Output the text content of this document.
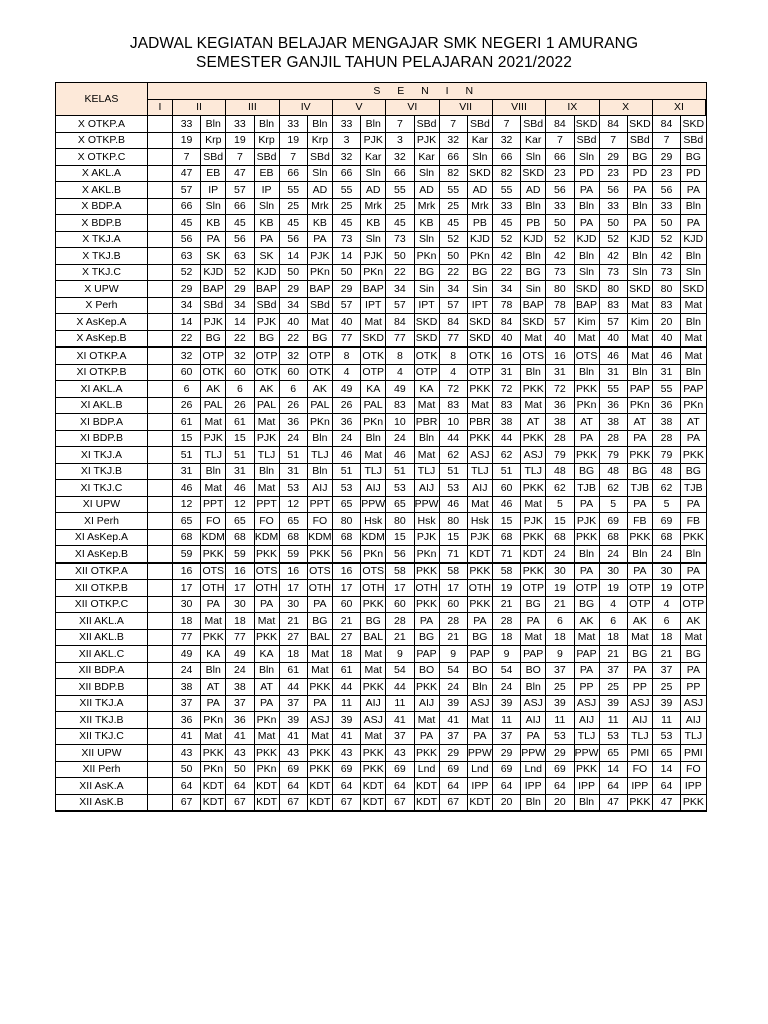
JADWAL KEGIATAN BELAJAR MENGAJAR SMK NEGERI 1 AMURANG
SEMESTER GANJIL TAHUN PELAJARAN 2021/2022
KELAS	S E N I N																				
	I	II		III		IV		V		VI		VII		VIII		IX		X		XI	
X OTKP.A		33	Bln	33	Bln	33	Bln	33	Bln	7	SBd	7	SBd	7	SBd	84	SKD	84	SKD	84	SKD
X OTKP.B		19	Krp	19	Krp	19	Krp	3	PJK	3	PJK	32	Kar	32	Kar	7	SBd	7	SBd	7	SBd
X OTKP.C		7	SBd	7	SBd	7	SBd	32	Kar	32	Kar	66	Sln	66	Sln	66	Sln	29	BG	29	BG
X AKL.A		47	EB	47	EB	66	Sln	66	Sln	66	Sln	82	SKD	82	SKD	23	PD	23	PD	23	PD
X AKL.B		57	IP	57	IP	55	AD	55	AD	55	AD	55	AD	55	AD	56	PA	56	PA	56	PA
X BDP.A		66	Sln	66	Sln	25	Mrk	25	Mrk	25	Mrk	25	Mrk	33	Bln	33	Bln	33	Bln	33	Bln
X BDP.B		45	KB	45	KB	45	KB	45	KB	45	KB	45	PB	45	PB	50	PA	50	PA	50	PA
X TKJ.A		56	PA	56	PA	56	PA	73	Sln	73	Sln	52	KJD	52	KJD	52	KJD	52	KJD	52	KJD
X TKJ.B		63	SK	63	SK	14	PJK	14	PJK	50	PKn	50	PKn	42	Bln	42	Bln	42	Bln	42	Bln
X TKJ.C		52	KJD	52	KJD	50	PKn	50	PKn	22	BG	22	BG	22	BG	73	Sln	73	Sln	73	Sln
X UPW		29	BAP	29	BAP	29	BAP	29	BAP	34	Sin	34	Sin	34	Sin	80	SKD	80	SKD	80	SKD
X Perh		34	SBd	34	SBd	34	SBd	57	IPT	57	IPT	57	IPT	78	BAP	78	BAP	83	Mat	83	Mat
X AsKep.A		14	PJK	14	PJK	40	Mat	40	Mat	84	SKD	84	SKD	84	SKD	57	Kim	57	Kim	20	Bln
X AsKep.B		22	BG	22	BG	22	BG	77	SKD	77	SKD	77	SKD	40	Mat	40	Mat	40	Mat	40	Mat
XI OTKP.A		32	OTP	32	OTP	32	OTP	8	OTK	8	OTK	8	OTK	16	OTS	16	OTS	46	Mat	46	Mat
XI OTKP.B		60	OTK	60	OTK	60	OTK	4	OTP	4	OTP	4	OTP	31	Bln	31	Bln	31	Bln	31	Bln
XI AKL.A		6	AK	6	AK	6	AK	49	KA	49	KA	72	PKK	72	PKK	72	PKK	55	PAP	55	PAP
XI AKL.B		26	PAL	26	PAL	26	PAL	26	PAL	83	Mat	83	Mat	83	Mat	36	PKn	36	PKn	36	PKn
XI BDP.A		61	Mat	61	Mat	36	PKn	36	PKn	10	PBR	10	PBR	38	AT	38	AT	38	AT	38	AT
XI BDP.B		15	PJK	15	PJK	24	Bln	24	Bln	24	Bln	44	PKK	44	PKK	28	PA	28	PA	28	PA
XI TKJ.A		51	TLJ	51	TLJ	51	TLJ	46	Mat	46	Mat	62	ASJ	62	ASJ	79	PKK	79	PKK	79	PKK
XI TKJ.B		31	Bln	31	Bln	31	Bln	51	TLJ	51	TLJ	51	TLJ	51	TLJ	48	BG	48	BG	48	BG
XI TKJ.C		46	Mat	46	Mat	53	AIJ	53	AIJ	53	AIJ	53	AIJ	60	PKK	62	TJB	62	TJB	62	TJB
XI UPW		12	PPT	12	PPT	12	PPT	65	PPW	65	PPW	46	Mat	46	Mat	5	PA	5	PA	5	PA
XI Perh		65	FO	65	FO	65	FO	80	Hsk	80	Hsk	80	Hsk	15	PJK	15	PJK	69	FB	69	FB
XI AsKep.A		68	KDM	68	KDM	68	KDM	68	KDM	15	PJK	15	PJK	68	PKK	68	PKK	68	PKK	68	PKK
XI AsKep.B		59	PKK	59	PKK	59	PKK	56	PKn	56	PKn	71	KDT	71	KDT	24	Bln	24	Bln	24	Bln
XII OTKP.A		16	OTS	16	OTS	16	OTS	16	OTS	58	PKK	58	PKK	58	PKK	30	PA	30	PA	30	PA
XII OTKP.B		17	OTH	17	OTH	17	OTH	17	OTH	17	OTH	17	OTH	19	OTP	19	OTP	19	OTP	19	OTP
XII OTKP.C		30	PA	30	PA	30	PA	60	PKK	60	PKK	60	PKK	21	BG	21	BG	4	OTP	4	OTP
XII AKL.A		18	Mat	18	Mat	21	BG	21	BG	28	PA	28	PA	28	PA	6	AK	6	AK	6	AK
XII AKL.B		77	PKK	77	PKK	27	BAL	27	BAL	21	BG	21	BG	18	Mat	18	Mat	18	Mat	18	Mat
XII AKL.C		49	KA	49	KA	18	Mat	18	Mat	9	PAP	9	PAP	9	PAP	9	PAP	21	BG	21	BG
XII BDP.A		24	Bln	24	Bln	61	Mat	61	Mat	54	BO	54	BO	54	BO	37	PA	37	PA	37	PA
XII BDP.B		38	AT	38	AT	44	PKK	44	PKK	44	PKK	24	Bln	24	Bln	25	PP	25	PP	25	PP
XII TKJ.A		37	PA	37	PA	37	PA	11	AIJ	11	AIJ	39	ASJ	39	ASJ	39	ASJ	39	ASJ	39	ASJ
XII TKJ.B		36	PKn	36	PKn	39	ASJ	39	ASJ	41	Mat	41	Mat	11	AIJ	11	AIJ	11	AIJ	11	AIJ
XII TKJ.C		41	Mat	41	Mat	41	Mat	41	Mat	37	PA	37	PA	37	PA	53	TLJ	53	TLJ	53	TLJ
XII UPW		43	PKK	43	PKK	43	PKK	43	PKK	43	PKK	29	PPW	29	PPW	29	PPW	65	PMI	65	PMI
XII Perh		50	PKn	50	PKn	69	PKK	69	PKK	69	Lnd	69	Lnd	69	Lnd	69	PKK	14	FO	14	FO
XII AsK.A		64	KDT	64	KDT	64	KDT	64	KDT	64	KDT	64	IPP	64	IPP	64	IPP	64	IPP	64	IPP
XII AsK.B		67	KDT	67	KDT	67	KDT	67	KDT	67	KDT	67	KDT	20	Bln	20	Bln	47	PKK	47	PKK
